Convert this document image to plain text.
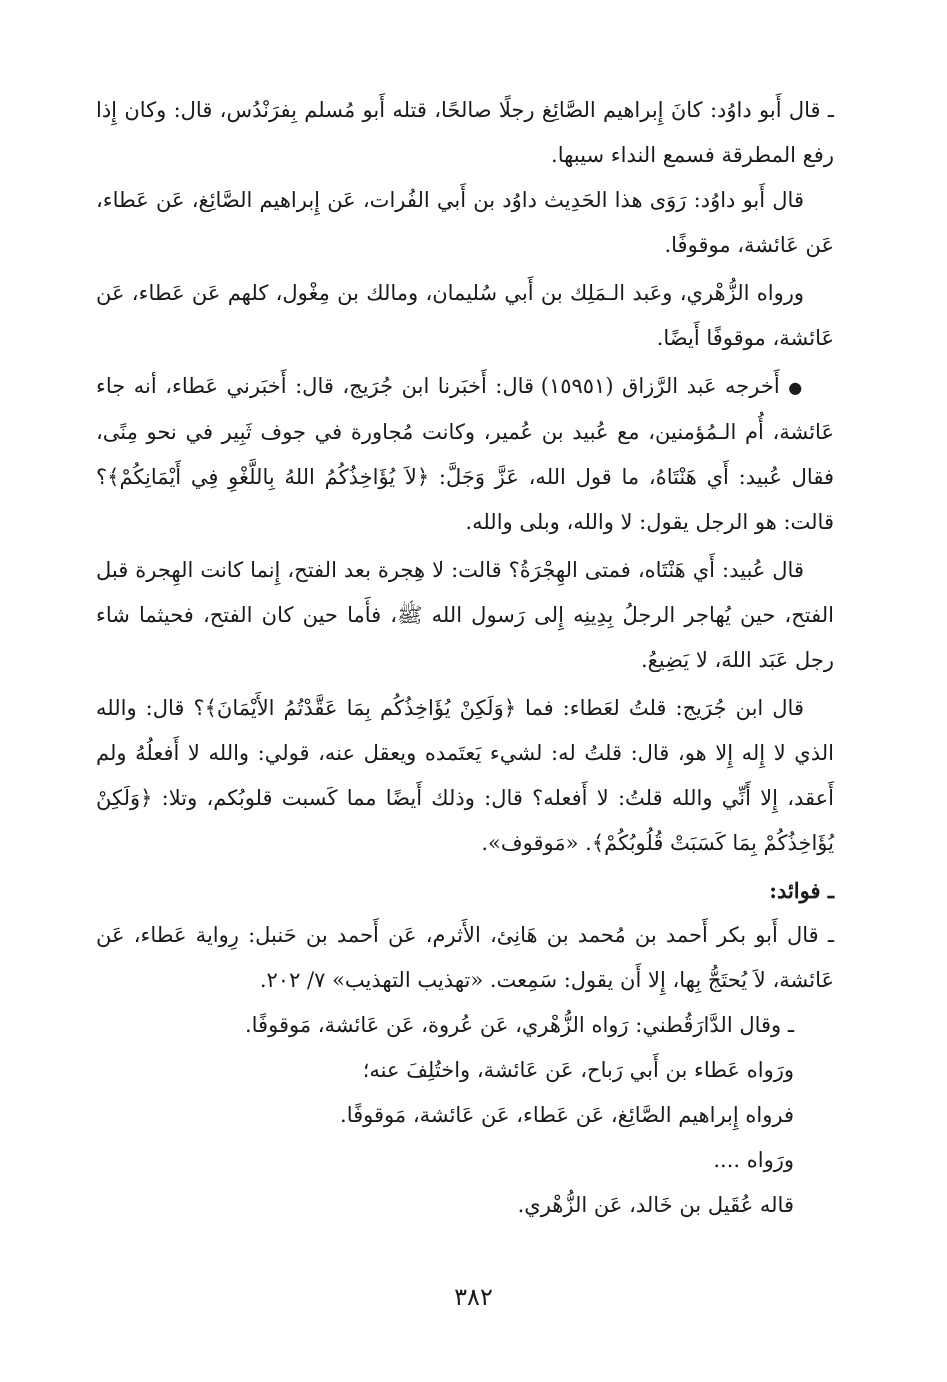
ـ قال أَبو داوُد: كانَ إِبراهيم الصَّائِغ رجلًا صالحًا، قتله أَبو مُسلم بِفرَنْدُس، قال: وكان إِذا رفع المطرقة فسمع النداء سيبها.

قال أَبو داوُد: رَوَى هذا الحَدِيث داوُد بن أَبي الفُرات، عَن إِبراهيم الصَّائِغ، عَن عَطاء، عَن عَائشة، موقوفًا.

ورواه الزُّهْري، وعَبد الـمَلِك بن أَبي سُليمان، ومالك بن مِغْول، كلهم عَن عَطاء، عَن عَائشة، موقوفًا أَيضًا.

● أَخرجه عَبد الرَّزاق (١٥٩٥١) قال: أَخبَرنا ابن جُرَيج، قال: أَخبَرني عَطاء، أنه جاء عَائشة، أُم الـمُؤمنين، مع عُبيد بن عُمير، وكانت مُجاورة في جوف ثَبِير في نحو مِنًى، فقال عُبيد: أَي هَنْتَاهُ، ما قول الله، عَزَّ وَجَلَّ: ﴿لاَ يُؤَاخِذُكُمُ اللهُ بِاللَّغْوِ فِي أَيْمَانِكُمْ﴾؟ قالت: هو الرجل يقول: لا والله، وبلى والله.

قال عُبيد: أَي هَنْتَاه، فمتى الهِجْرَةُ؟ قالت: لا هِجرة بعد الفتح، إِنما كانت الهِجرة قبل الفتح، حين يُهاجر الرجلُ بِدِينِه إِلى رَسول الله ﷺ، فأَما حين كان الفتح، فحيثما شاء رجل عَبَد اللهَ، لا يَضِيعُ.

قال ابن جُرَيج: قلتُ لعَطاء: فما ﴿وَلَكِنْ يُؤَاخِذُكُم بِمَا عَقَّدْتُمُ الأَيْمَانَ﴾؟ قال: والله الذي لا إِله إِلا هو، قال: قلتُ له: لشيء يَعتَمده ويعقل عنه، قولي: والله لا أَفعلُهُ ولم أَعقد، إِلا أَنِّي والله قلتُ: لا أَفعله؟ قال: وذلك أَيضًا مما كَسبت قلوبُكم، وتلا: ﴿وَلَكِنْ يُؤَاخِذُكُمْ بِمَا كَسَبَتْ قُلُوبُكُمْ﴾. «مَوقوف».

ـ فوائد:

ـ قال أَبو بكر أَحمد بن مُحمد بن هَانِئ، الأَثرم، عَن أَحمد بن حَنبل: رِواية عَطاء، عَن عَائشة، لاَ يُحتَجُّ بِها، إِلا أَن يقول: سَمِعت. «تهذيب التهذيب» ٧/ ٢٠٢.

ـ وقال الدَّارَقُطني: رَواه الزُّهْري، عَن عُروة، عَن عَائشة، مَوقوفًا.

ورَواه عَطاء بن أَبي رَباح، عَن عَائشة، واختُلِفَ عنه؛

فرواه إِبراهيم الصَّائِغ، عَن عَطاء، عَن عَائشة، مَوقوفًا.

ورَواه ....

قاله عُقَيل بن خَالد، عَن الزُّهْري.

٣٨٢
